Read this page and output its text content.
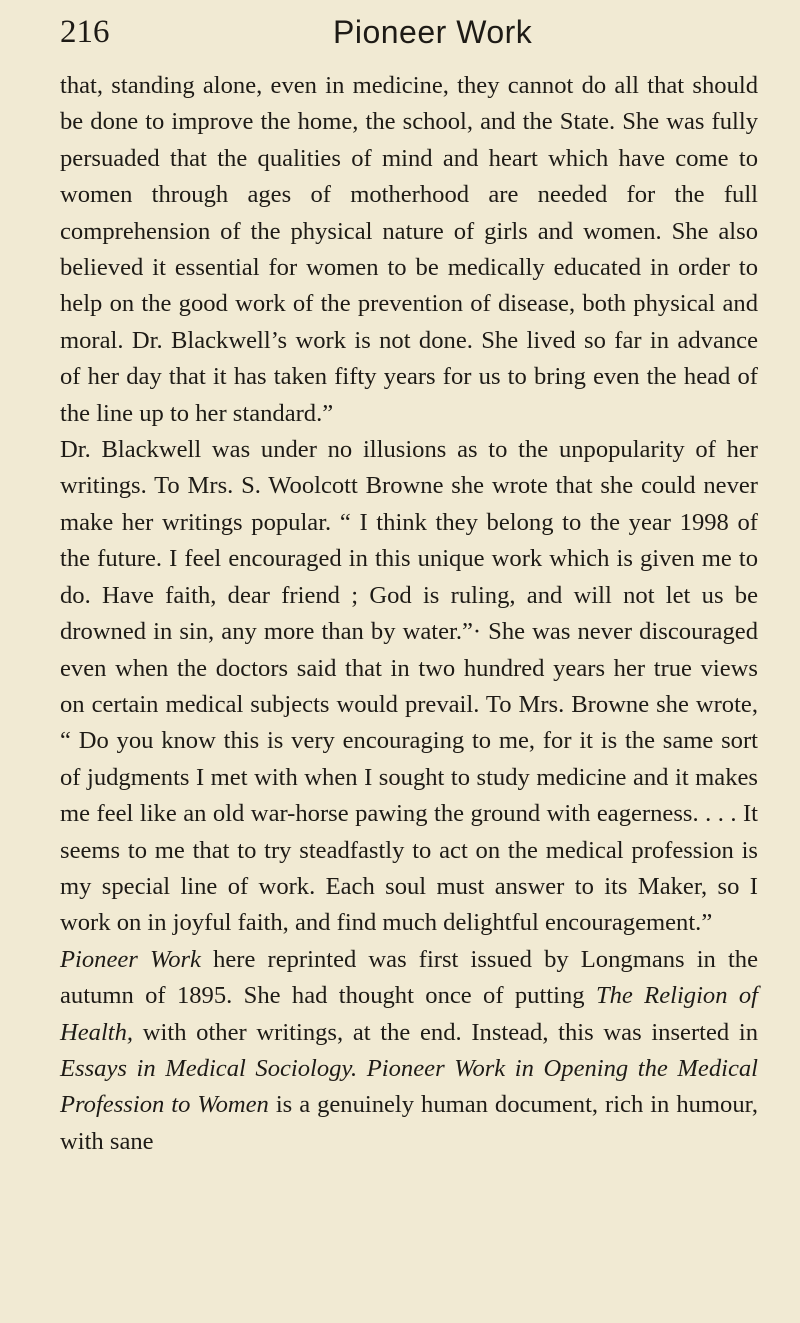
216	Pioneer Work

that, standing alone, even in medicine, they cannot do all that should be done to improve the home, the school, and the State. She was fully persuaded that the qualities of mind and heart which have come to women through ages of motherhood are needed for the full comprehension of the physical nature of girls and women. She also believed it essential for women to be medically educated in order to help on the good work of the prevention of disease, both physical and moral. Dr. Blackwell’s work is not done. She lived so far in advance of her day that it has taken fifty years for us to bring even the head of the line up to her standard.”

Dr. Blackwell was under no illusions as to the unpopularity of her writings. To Mrs. S. Woolcott Browne she wrote that she could never make her writings popular. “ I think they belong to the year 1998 of the future. I feel encouraged in this unique work which is given me to do. Have faith, dear friend ; God is ruling, and will not let us be drowned in sin, any more than by water.”· She was never discouraged even when the doctors said that in two hundred years her true views on certain medical subjects would prevail. To Mrs. Browne she wrote, “ Do you know this is very encouraging to me, for it is the same sort of judgments I met with when I sought to study medicine and it makes me feel like an old war-horse pawing the ground with eagerness. . . . It seems to me that to try steadfastly to act on the medical profession is my special line of work. Each soul must answer to its Maker, so I work on in joyful faith, and find much delightful encouragement.”

Pioneer Work here reprinted was first issued by Longmans in the autumn of 1895. She had thought once of putting The Religion of Health, with other writings, at the end. Instead, this was inserted in Essays in Medical Sociology. Pioneer Work in Opening the Medical Profession to Women is a genuinely human document, rich in humour, with sane
